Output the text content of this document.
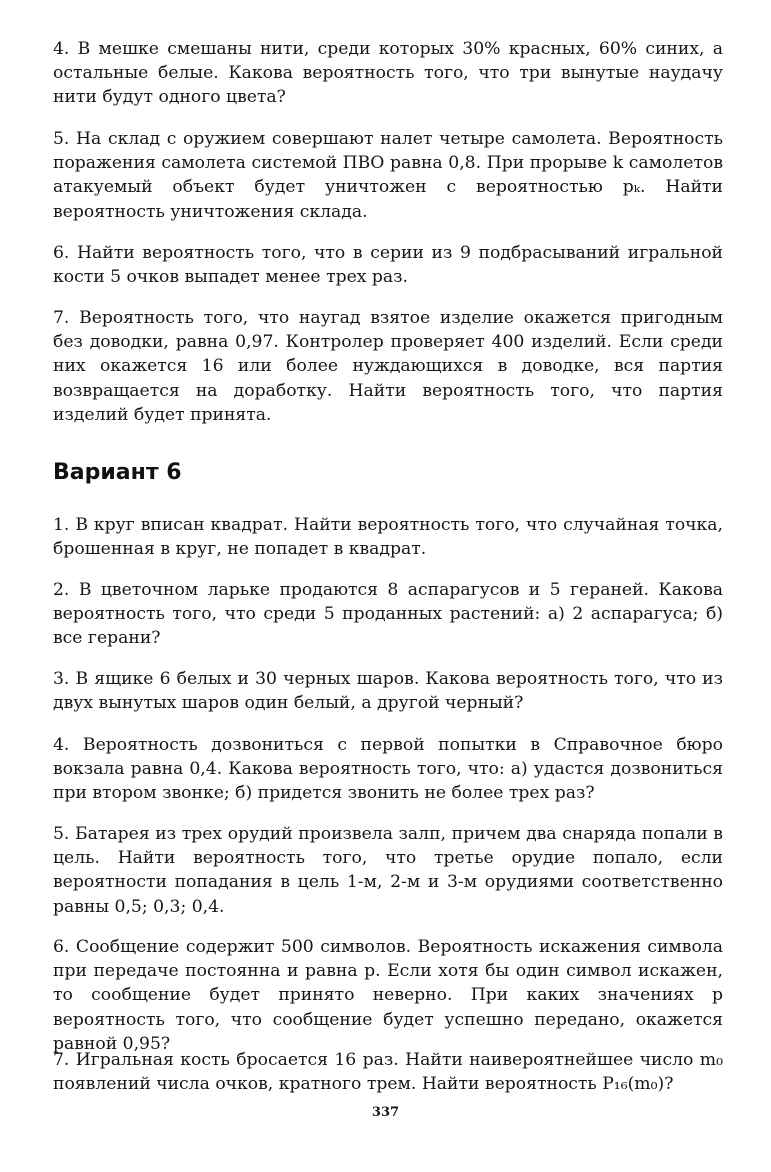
4. В мешке смешаны нити, среди которых 30% красных, 60% синих, а остальные белые. Какова вероятность того, что три вынутые наудачу нити будут одного цвета?

5. На склад с оружием совершают налет четыре самолета. Вероятность поражения самолета системой ПВО равна 0,8. При прорыве k самолетов атакуемый объект будет уничтожен с вероятностью pₖ. Найти вероятность уничтожения склада.

6. Найти вероятность того, что в серии из 9 подбрасываний игральной кости 5 очков выпадет менее трех раз.

7. Вероятность того, что наугад взятое изделие окажется пригодным без доводки, равна 0,97. Контролер проверяет 400 изделий. Если среди них окажется 16 или более нуждающихся в доводке, вся партия возвращается на доработку. Найти вероятность того, что партия изделий будет принята.

Вариант 6

1. В круг вписан квадрат. Найти вероятность того, что случайная точка, брошенная в круг, не попадет в квадрат.

2. В цветочном ларьке продаются 8 аспарагусов и 5 гераней. Какова вероятность того, что среди 5 проданных растений: а) 2 аспарагуса; б) все герани?

3. В ящике 6 белых и 30 черных шаров. Какова вероятность того, что из двух вынутых шаров один белый, а другой черный?

4. Вероятность дозвониться с первой попытки в Справочное бюро вокзала равна 0,4. Какова вероятность того, что: а) удастся дозвониться при втором звонке; б) придется звонить не более трех раз?

5. Батарея из трех орудий произвела залп, причем два снаряда попали в цель. Найти вероятность того, что третье орудие попало, если вероятности попадания в цель 1-м, 2-м и 3-м орудиями соответственно равны 0,5; 0,3; 0,4.

6. Сообщение содержит 500 символов. Вероятность искажения символа при передаче постоянна и равна p. Если хотя бы один символ искажен, то сообщение будет принято неверно. При каких значениях p вероятность того, что сообщение будет успешно передано, окажется равной 0,95?

7. Игральная кость бросается 16 раз. Найти наивероятнейшее число m₀ появлений числа очков, кратного трем. Найти вероятность P₁₆(m₀)?

337
